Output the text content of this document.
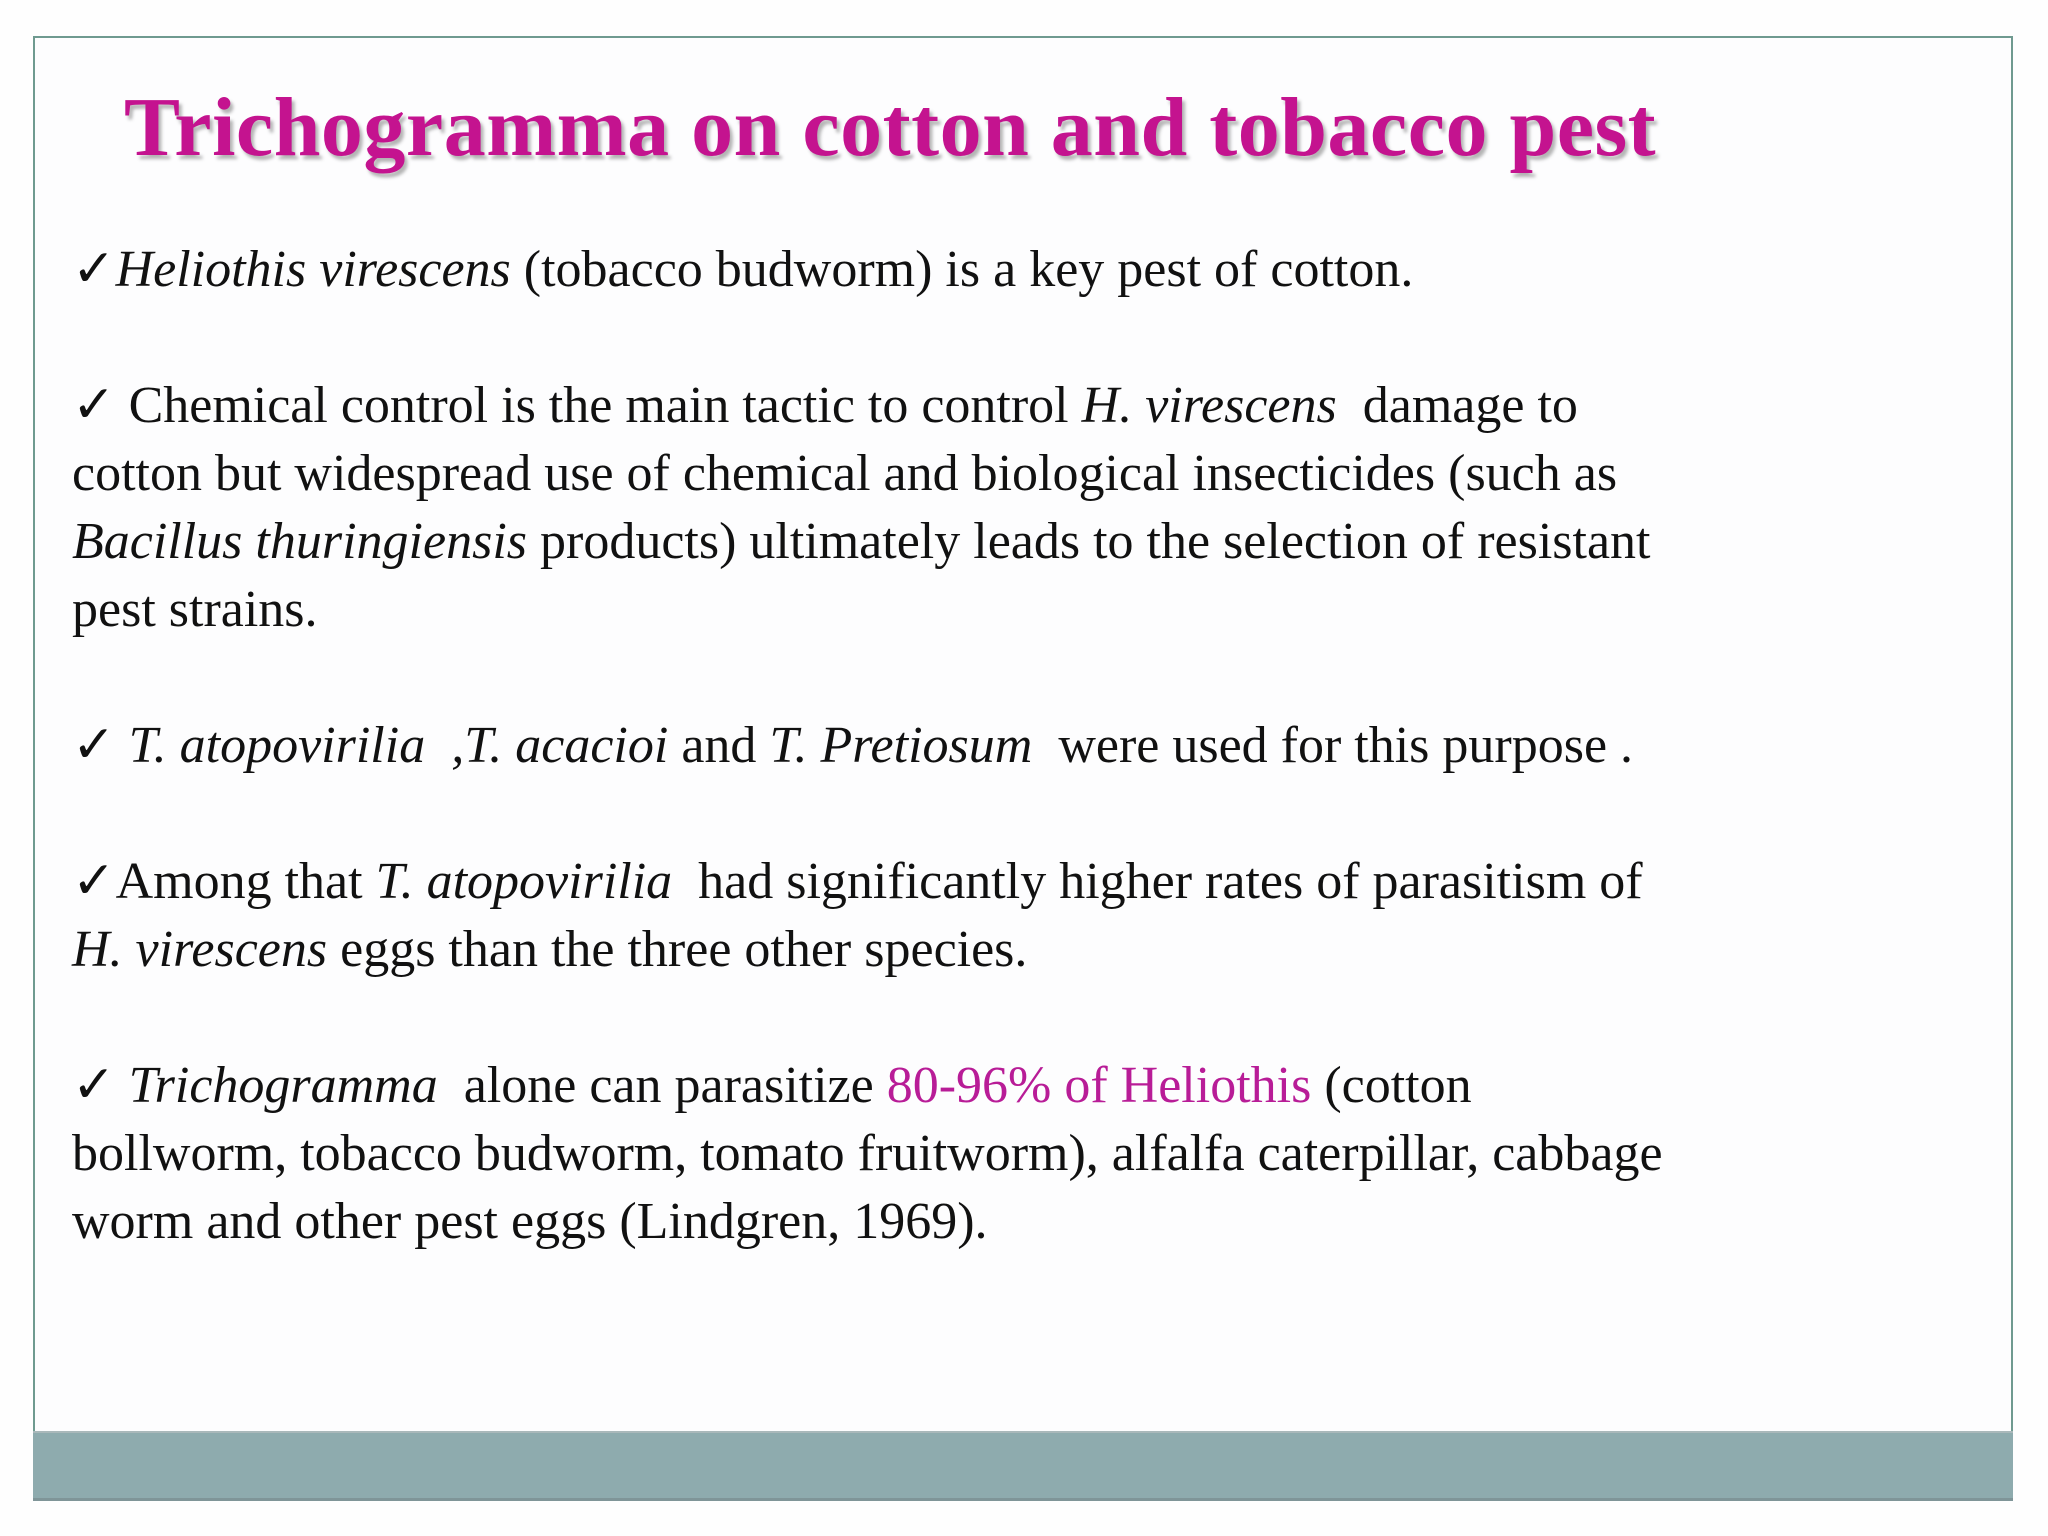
Trichogramma on cotton and tobacco pest
✓Heliothis virescens (tobacco budworm) is a key pest of cotton.
✓ Chemical control is the main tactic to control H. virescens  damage to
cotton but widespread use of chemical and biological insecticides (such as
Bacillus thuringiensis products) ultimately leads to the selection of resistant
pest strains.
✓ T. atopovirilia  ,T. acacioi and T. Pretiosum  were used for this purpose .
✓Among that T. atopovirilia  had significantly higher rates of parasitism of
H. virescens eggs than the three other species.
✓ Trichogramma  alone can parasitize 80-96% of Heliothis (cotton
bollworm, tobacco budworm, tomato fruitworm), alfalfa caterpillar, cabbage
worm and other pest eggs (Lindgren, 1969).
